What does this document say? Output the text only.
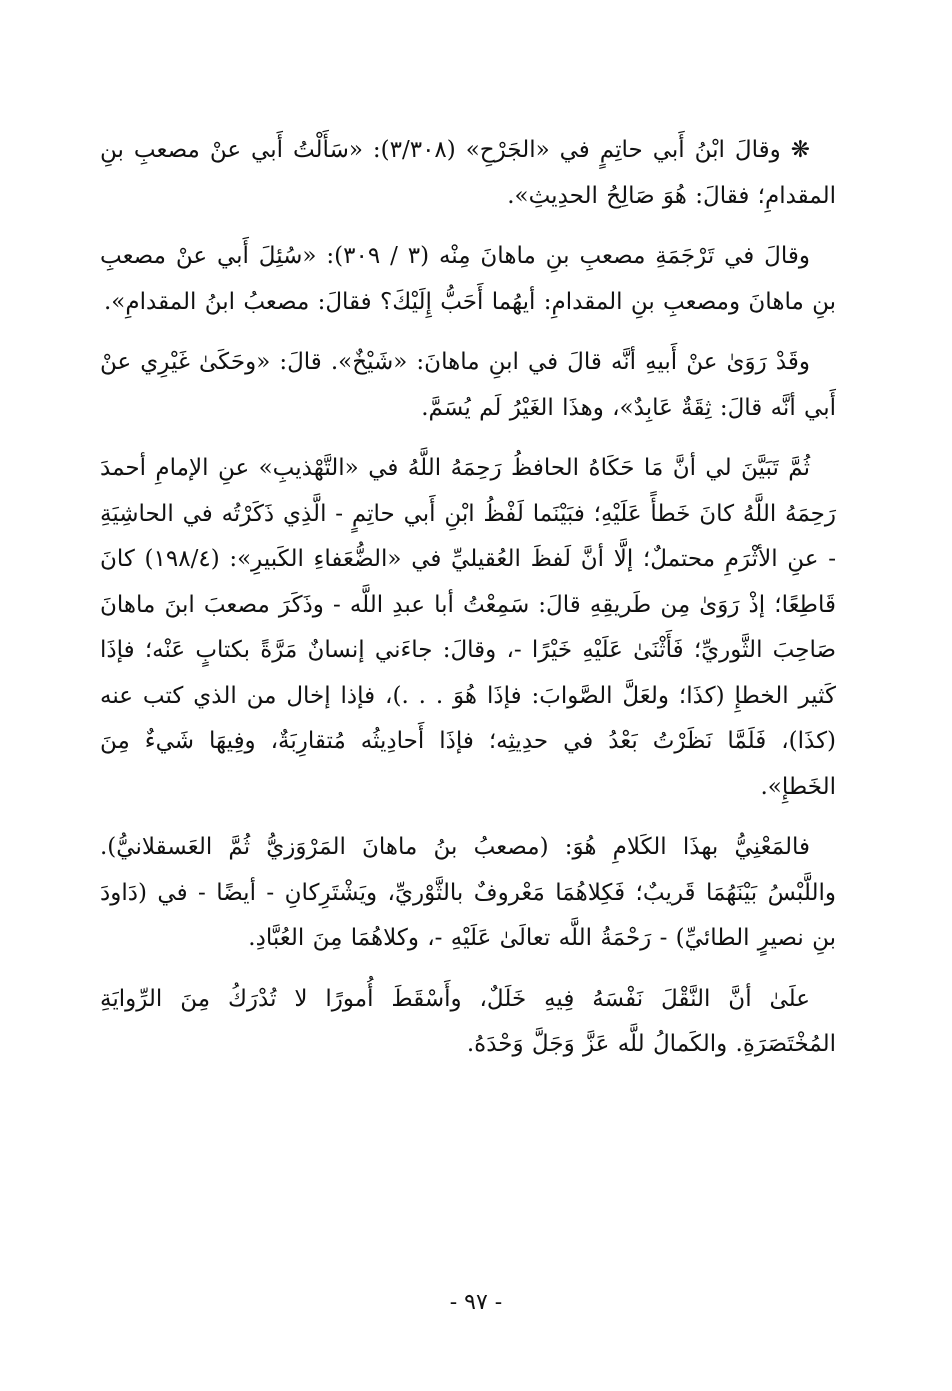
❋ وقالَ ابْنُ أَبي حاتِمٍ في «الجَرْحِ» (٣/٣٠٨): «سَأَلْتُ أَبي عنْ مصعبِ بنِ المقدامِ؛ فقالَ: هُوَ صَالِحُ الحدِيثِ».

وقالَ في تَرْجَمَةِ مصعبِ بنِ ماهانَ مِنْه (٣ / ٣٠٩): «سُئِلَ أَبي عنْ مصعبِ بنِ ماهانَ ومصعبِ بنِ المقدامِ: أيهُما أَحَبُّ إِلَيْكَ؟ فقالَ: مصعبُ ابنُ المقدامِ».

وقَدْ رَوَىٰ عنْ أَبيهِ أنَّه قالَ في ابنِ ماهانَ: «شَيْخٌ». قالَ: «وحَكَىٰ غَيْرِي عنْ أَبي أنَّه قالَ: ثِقَةٌ عَابِدٌ»، وهذَا الغَيْرُ لَم يُسَمَّ.

ثُمَّ تَبَيَّنَ لي أنَّ مَا حَكَاهُ الحافظُ رَحِمَهُ اللَّهُ في «التَّهْذيبِ» عنِ الإمامِ أحمدَ رَحِمَهُ اللَّهُ كانَ خَطأً عَلَيْهِ؛ فبَيْنَما لَفْظُ ابْنِ أَبي حاتِمٍ - الَّذِي ذَكَرْتُه في الحاشِيَةِ - عنِ الأثْرَمِ محتملٌ؛ إلَّا أنَّ لَفظَ العُقيليِّ في «الضُّعَفاءِ الكَبيرِ»: (١٩٨/٤) كانَ قَاطِعًا؛ إذْ رَوَىٰ مِن طَريقِهِ قالَ: سَمِعْتُ أبا عبدِ اللَّه - وذَكَرَ مصعبَ ابنَ ماهانَ صَاحِبَ الثَّوريِّ؛ فَأَثْنَىٰ عَلَيْهِ خَيْرًا -، وقالَ: جاءَني إنسانٌ مَرَّةً بكتابٍ عَنْه؛ فإذَا كَثير الخطإِ (كذَا؛ ولعَلَّ الصَّوابَ: فإذَا هُوَ . . .)، فإذا إخال من الذي كتب عنه (كذَا)، فَلَمَّا نَظَرْتُ بَعْدُ في حدِيثِه؛ فإذَا أَحادِيثُه مُتقارِبَةٌ، وفِيهَا شَيءٌ مِنَ الخَطإِ».

فالمَعْنِيُّ بهذَا الكَلامِ هُوَ: (مصعبُ بنُ ماهانَ المَرْوَزيُّ ثُمَّ العَسقلانيُّ). واللَّبْسُ بَيْنَهُمَا قَريبٌ؛ فَكِلاهُمَا مَعْروفٌ بالثَّوْريِّ، ويَشْتَرِكانِ - أيضًا - في (دَاودَ بنِ نصيرٍ الطائيِّ) - رَحْمَةُ اللَّه تعالَىٰ عَلَيْهِ -، وكلاهُمَا مِنَ العُبَّادِ.

علَىٰ أنَّ النَّقْلَ نَفْسَهُ فِيهِ خَلَلٌ، وأَسْقَطَ أُمورًا لا تُدْرَكُ مِنَ الرِّوايَةِ المُخْتَصَرَةِ. والكَمالُ للَّه عَزَّ وَجَلَّ وَحْدَهُ.

- ٩٧ -
